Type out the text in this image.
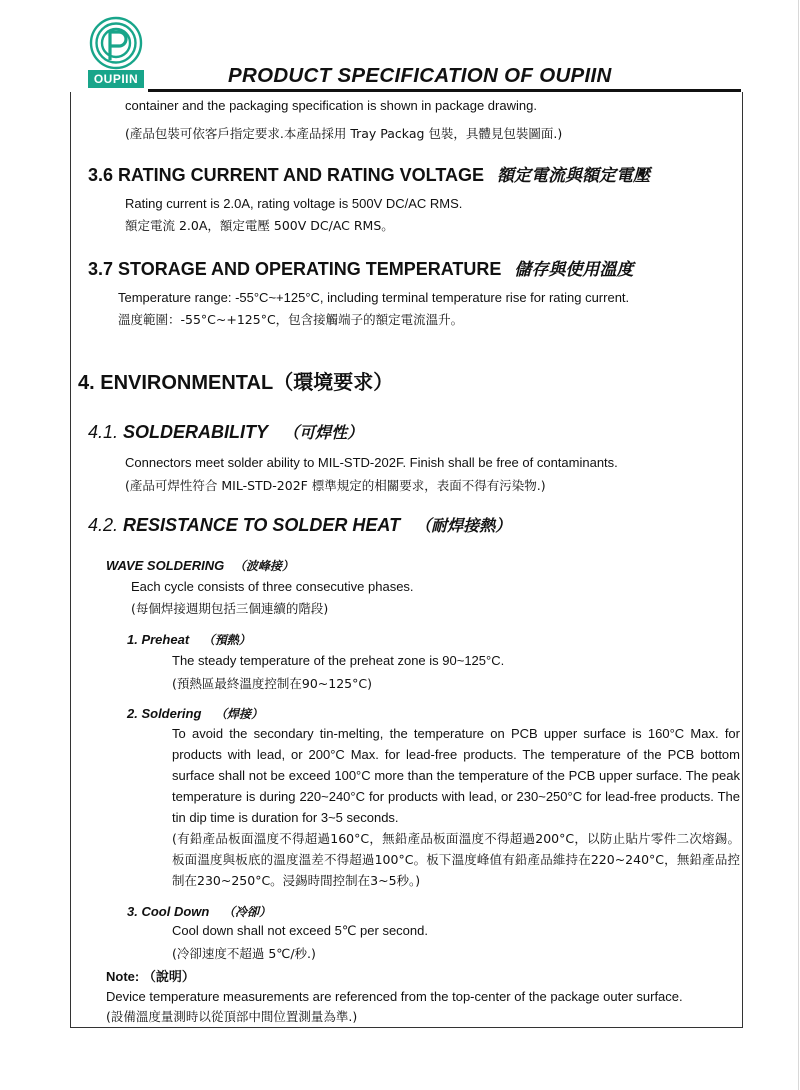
OUPIIN	PRODUCT SPECIFICATION OF OUPIIN
container and the packaging specification is shown in package drawing.
(產品包裝可依客戶指定要求.本產品採用 Tray Packag 包裝，具體見包裝圖面.)
3.6 RATING CURRENT AND RATING VOLTAGE 額定電流與額定電壓
Rating current is 2.0A, rating voltage is 500V DC/AC RMS.
額定電流 2.0A，額定電壓 500V DC/AC RMS。
3.7 STORAGE AND OPERATING TEMPERATURE 儲存與使用溫度
Temperature range: -55°C~+125°C, including terminal temperature rise for rating current.
溫度範圍：-55°C~+125°C，包含接觸端子的額定電流溫升。
4. ENVIRONMENTAL（環境要求）
4.1. SOLDERABILITY （可焊性）
Connectors meet solder ability to MIL-STD-202F. Finish shall be free of contaminants.
(產品可焊性符合 MIL-STD-202F 標準規定的相關要求，表面不得有污染物.)
4.2. RESISTANCE TO SOLDER HEAT （耐焊接熱）
WAVE SOLDERING （波峰接）
Each cycle consists of three consecutive phases.
(每個焊接週期包括三個連續的階段)
1. Preheat （預熱）
The steady temperature of the preheat zone is 90~125°C.
(預熱區最終溫度控制在90~125°C)
2. Soldering （焊接）
To avoid the secondary tin-melting, the temperature on PCB upper surface is 160°C Max. for products with lead, or 200°C Max. for lead-free products. The temperature of the PCB bottom surface shall not be exceed 100°C more than the temperature of the PCB upper surface. The peak temperature is during 220~240°C for products with lead, or 230~250°C for lead-free products. The tin dip time is duration for 3~5 seconds.
(有鉛產品板面溫度不得超過160°C，無鉛產品板面溫度不得超過200°C，以防止貼片零件二次熔錫。板面溫度與板底的溫度溫差不得超過100°C。板下溫度峰值有鉛產品維持在220~240°C，無鉛產品控制在230~250°C。浸錫時間控制在3~5秒。)
3. Cool Down （冷卻）
Cool down shall not exceed 5℃ per second.
(冷卻速度不超過 5℃/秒.)
Note: （說明）
Device temperature measurements are referenced from the top-center of the package outer surface.
(設備溫度量測時以從頂部中間位置測量為準.)
